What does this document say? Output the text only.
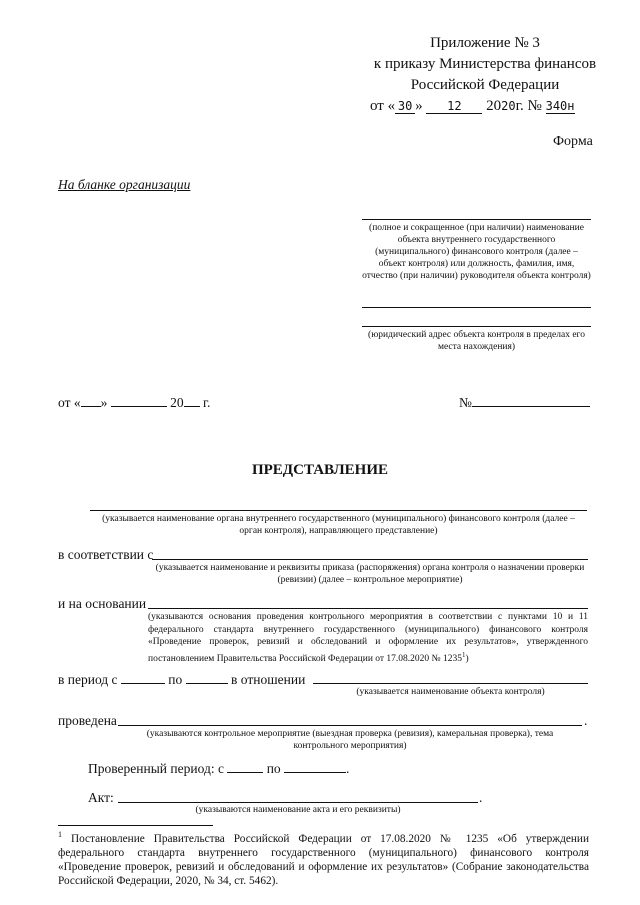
Приложение № 3
к приказу Министерства финансов
Российской Федерации
от « 30 » 12 2020г. № 340н
Форма
На бланке организации
(полное и сокращенное (при наличии) наименование объекта внутреннего государственного (муниципального) финансового контроля (далее – объект контроля) или должность, фамилия, имя, отчество (при наличии) руководителя объекта контроля)
(юридический адрес объекта контроля в пределах его места нахождения)
от « »	20 г.	№
ПРЕДСТАВЛЕНИЕ
(указывается наименование органа внутреннего государственного (муниципального) финансового контроля (далее – орган контроля), направляющего представление)
в соответствии с
(указывается наименование и реквизиты приказа (распоряжения) органа контроля о назначении проверки (ревизии) (далее – контрольное мероприятие)
и на основании
(указываются основания проведения контрольного мероприятия в соответствии с пунктами 10 и 11 федерального стандарта внутреннего государственного (муниципального) финансового контроля «Проведение проверок, ревизий и обследований и оформление их результатов», утвержденного постановлением Правительства Российской Федерации от 17.08.2020 № 1235$^1$)
в период с	по	в отношении
(указывается наименование объекта контроля)
проведена	.
(указываются контрольное мероприятие (выездная проверка (ревизия), камеральная проверка), тема контрольного мероприятия)
Проверенный период: с	по	.
Акт:	.
(указываются наименование акта и его реквизиты)
$^1$ Постановление Правительства Российской Федерации от 17.08.2020 № 1235 «Об утверждении федерального стандарта внутреннего государственного (муниципального) финансового контроля «Проведение проверок, ревизий и обследований и оформление их результатов» (Собрание законодательства Российской Федерации, 2020, № 34, ст. 5462).
